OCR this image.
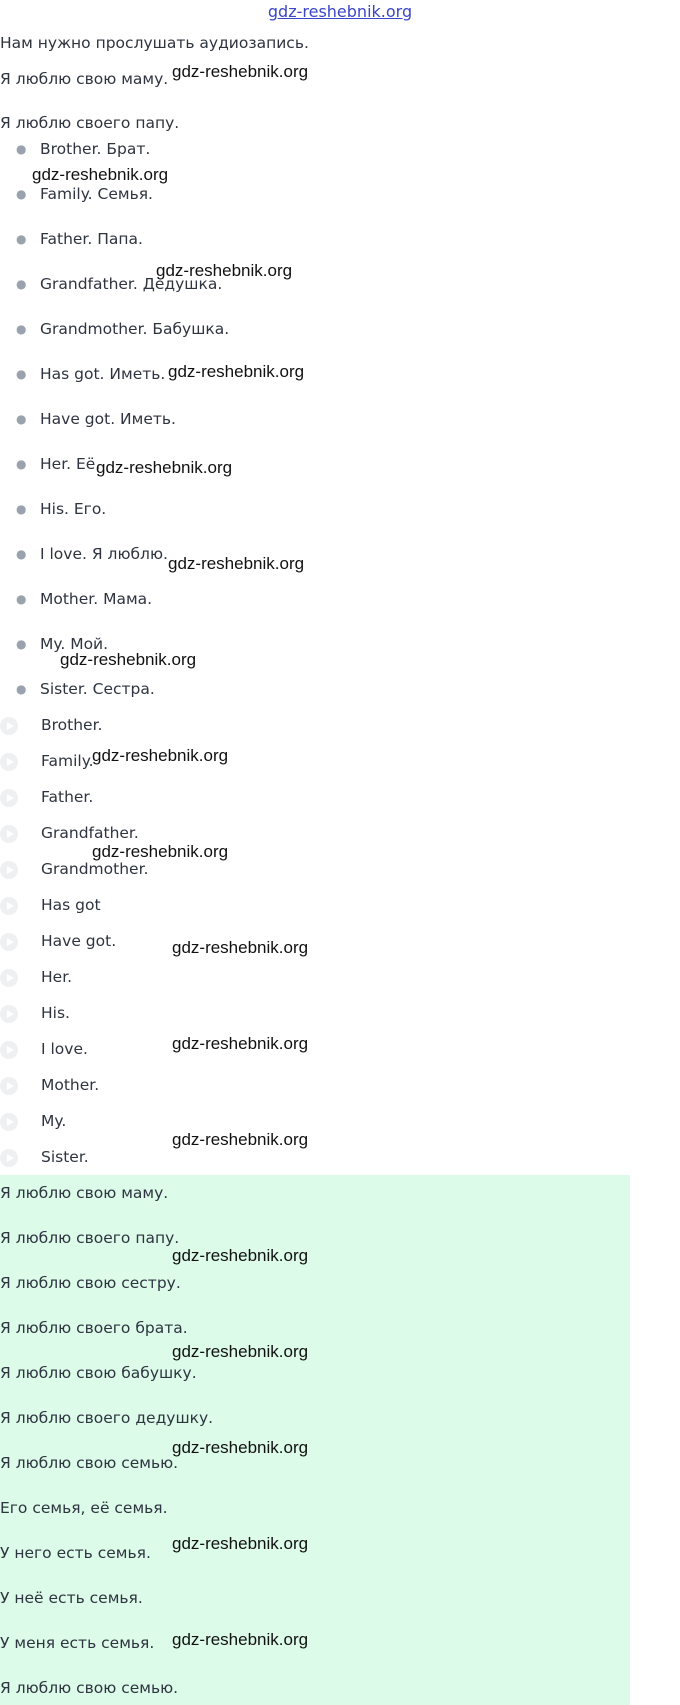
gdz-reshebnik.org
Нам нужно прослушать аудиозапись.
Я люблю свою маму.
Я люблю своего папу.
● Brother. Брат.
● Family. Семья.
● Father. Папа.
● Grandfather. Дедушка.
● Grandmother. Бабушка.
● Has got. Иметь.
● Have got. Иметь.
● Her. Её.
● His. Его.
● I love. Я люблю.
● Mother. Мама.
● My. Мой.
● Sister. Сестра.
Brother.
Family.
Father.
Grandfather.
Grandmother.
Has got
Have got.
Her.
His.
I love.
Mother.
My.
Sister.
Я люблю свою маму.
Я люблю своего папу.
Я люблю свою сестру.
Я люблю своего брата.
Я люблю свою бабушку.
Я люблю своего дедушку.
Я люблю свою семью.
Его семья, её семья.
У него есть семья.
У неё есть семья.
У меня есть семья.
Я люблю свою семью.
gdz-reshebnik.org
gdz-reshebnik.org
gdz-reshebnik.org
gdz-reshebnik.org
gdz-reshebnik.org
gdz-reshebnik.org
gdz-reshebnik.org
gdz-reshebnik.org
gdz-reshebnik.org
gdz-reshebnik.org
gdz-reshebnik.org
gdz-reshebnik.org
gdz-reshebnik.org
gdz-reshebnik.org
gdz-reshebnik.org
gdz-reshebnik.org
gdz-reshebnik.org
